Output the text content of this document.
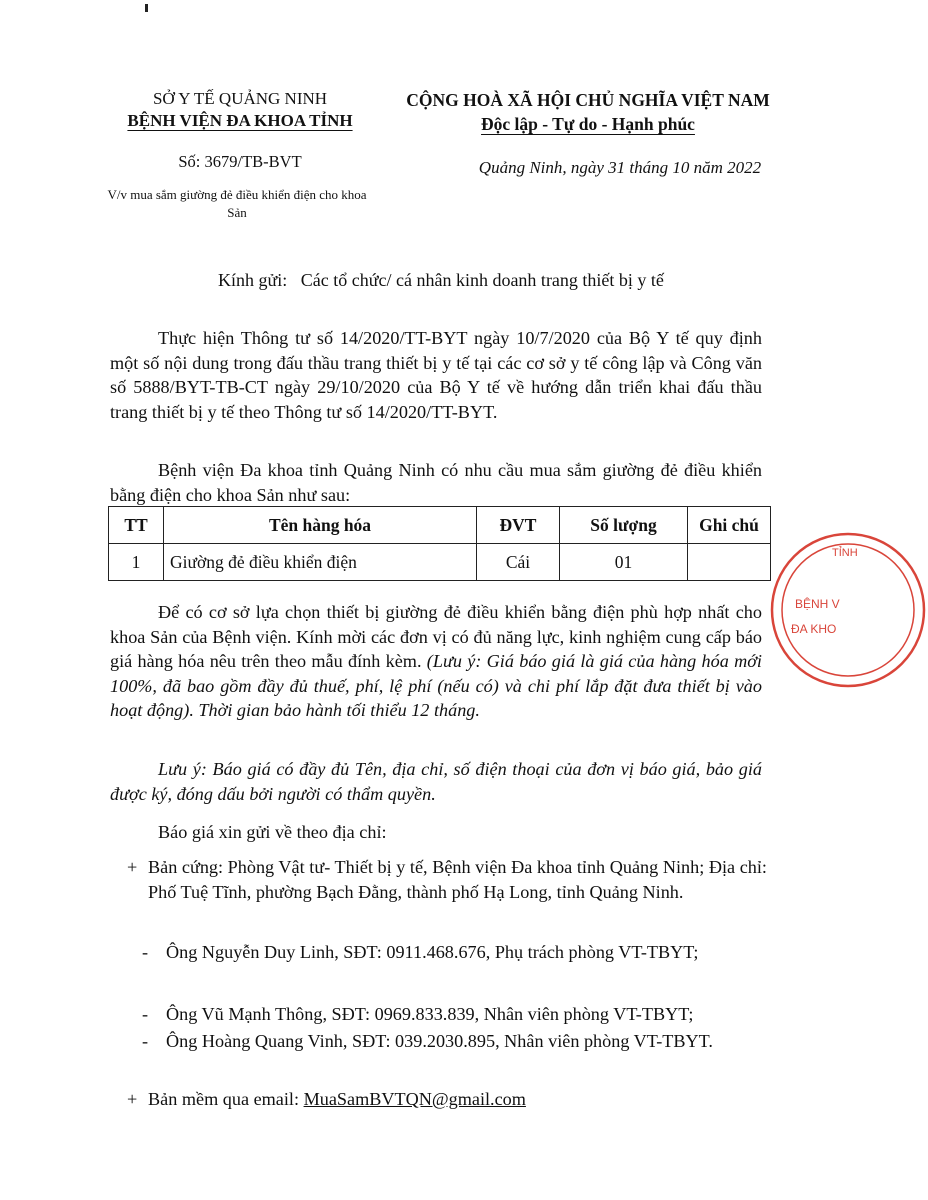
SỞ Y TẾ QUẢNG NINH
BỆNH VIỆN ĐA KHOA TỈNH
CỘNG HOÀ XÃ HỘI CHỦ NGHĨA VIỆT NAM
Độc lập - Tự do - Hạnh phúc
Số: 3679/TB-BVT
V/v mua sắm giường đẻ điều khiển điện cho khoa
Sản
Quảng Ninh, ngày 31 tháng 10 năm 2022
Kính gửi:   Các tổ chức/ cá nhân kinh doanh trang thiết bị y tế
Thực hiện Thông tư số 14/2020/TT-BYT ngày 10/7/2020 của Bộ Y tế quy định một số nội dung trong đấu thầu trang thiết bị y tế tại các cơ sở y tế công lập và Công văn số 5888/BYT-TB-CT ngày 29/10/2020 của Bộ Y tế về hướng dẫn triển khai đấu thầu trang thiết bị y tế theo Thông tư số 14/2020/TT-BYT.
Bệnh viện Đa khoa tỉnh Quảng Ninh có nhu cầu mua sắm giường đẻ điều khiển bằng điện cho khoa Sản như sau:
TT	Tên hàng hóa	ĐVT	Số lượng	Ghi chú
1	Giường đẻ điều khiển điện	Cái	01	
Để có cơ sở lựa chọn thiết bị giường đẻ điều khiển bằng điện phù hợp nhất cho khoa Sản của Bệnh viện. Kính mời các đơn vị có đủ năng lực, kinh nghiệm cung cấp báo giá hàng hóa nêu trên theo mẫu đính kèm. (Lưu ý: Giá báo giá là giá của hàng hóa mới 100%, đã bao gồm đầy đủ thuế, phí, lệ phí (nếu có) và chi phí lắp đặt đưa thiết bị vào hoạt động). Thời gian bảo hành tối thiểu 12 tháng.
Lưu ý: Báo giá có đầy đủ Tên, địa chỉ, số điện thoại của đơn vị báo giá, bảo giá được ký, đóng dấu bởi người có thẩm quyền.
Báo giá xin gửi về theo địa chỉ:
+ Bản cứng: Phòng Vật tư- Thiết bị y tế, Bệnh viện Đa khoa tỉnh Quảng Ninh; Địa chỉ: Phố Tuệ Tĩnh, phường Bạch Đằng, thành phố Hạ Long, tỉnh Quảng Ninh.
- Ông Nguyễn Duy Linh, SĐT: 0911.468.676, Phụ trách phòng VT-TBYT;
- Ông Vũ Mạnh Thông, SĐT: 0969.833.839, Nhân viên phòng VT-TBYT;
- Ông Hoàng Quang Vinh, SĐT: 039.2030.895, Nhân viên phòng VT-TBYT.
+ Bản mềm qua email: MuaSamBVTQN@gmail.com
TỈNH
BỆNH V
ĐA KHO
